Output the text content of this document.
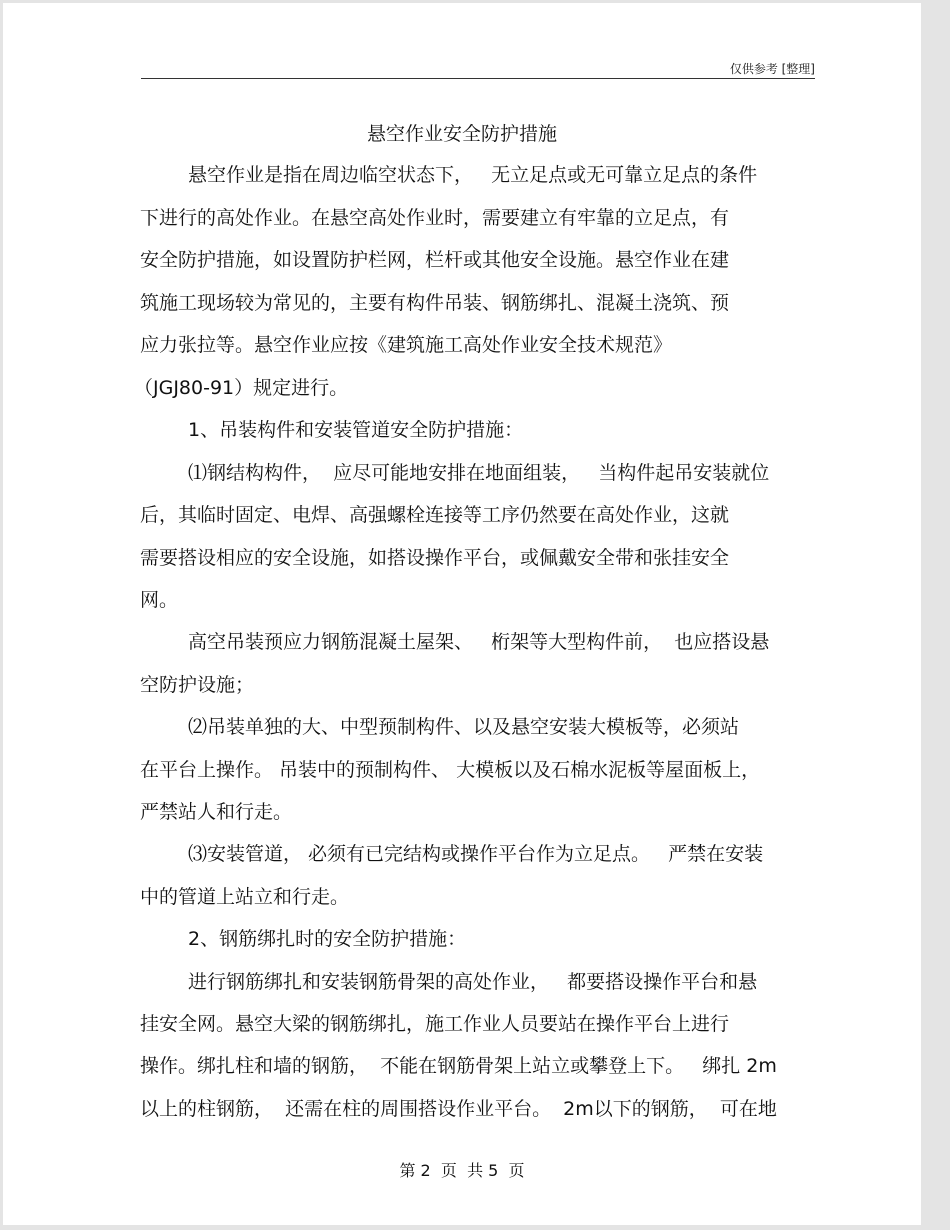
仅供参考 [整理]
悬空作业安全防护措施
悬空作业是指在周边临空状态下，   无立足点或无可靠立足点的条件
下进行的高处作业。在悬空高处作业时，需要建立有牢靠的立足点，有
安全防护措施，如设置防护栏网，栏杆或其他安全设施。悬空作业在建
筑施工现场较为常见的，主要有构件吊装、钢筋绑扎、混凝土浇筑、预
应力张拉等。悬空作业应按《建筑施工高处作业安全技术规范》
（JGJ80-91）规定进行。
1、吊装构件和安装管道安全防护措施：
⑴钢结构构件，  应尽可能地安排在地面组装，   当构件起吊安装就位
后，其临时固定、电焊、高强螺栓连接等工序仍然要在高处作业，这就
需要搭设相应的安全设施，如搭设操作平台，或佩戴安全带和张挂安全
网。
高空吊装预应力钢筋混凝土屋架、   桁架等大型构件前，  也应搭设悬
空防护设施；
⑵吊装单独的大、中型预制构件、以及悬空安装大模板等，必须站
在平台上操作。 吊装中的预制构件、 大模板以及石棉水泥板等屋面板上，
严禁站人和行走。
⑶安装管道， 必须有已完结构或操作平台作为立足点。   严禁在安装
中的管道上站立和行走。
2、钢筋绑扎时的安全防护措施：
进行钢筋绑扎和安装钢筋骨架的高处作业，   都要搭设操作平台和悬
挂安全网。悬空大梁的钢筋绑扎，施工作业人员要站在操作平台上进行
操作。绑扎柱和墙的钢筋，  不能在钢筋骨架上站立或攀登上下。   绑扎 2m
以上的柱钢筋，  还需在柱的周围搭设作业平台。  2m以下的钢筋，  可在地
第 2  页  共 5  页
